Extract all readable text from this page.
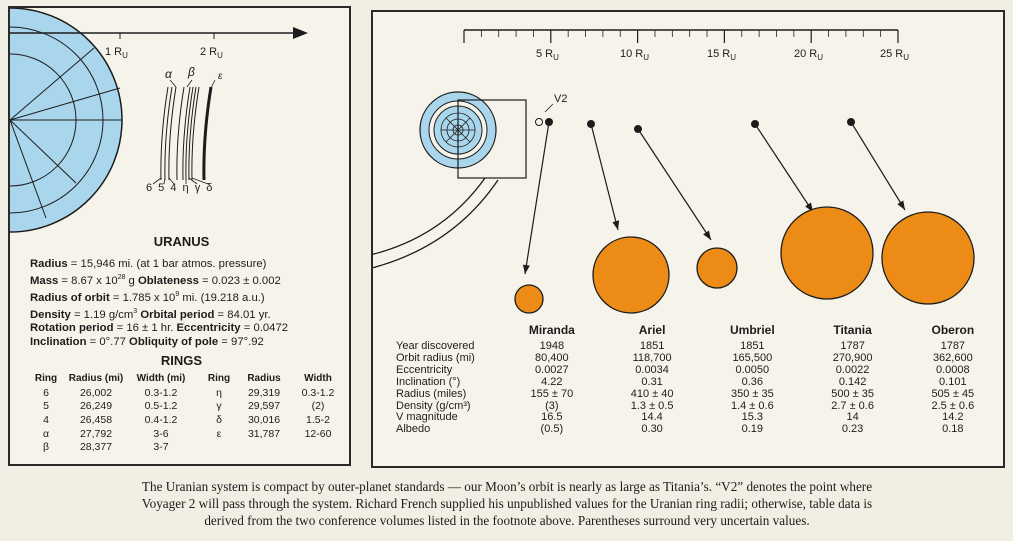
1 $R_U$	2 $R_U$
α β ε
6 5 4 η γ δ
URANUS
Radius = 15,946 mi. (at 1 bar atmos. pressure)
Mass = 8.67 x $10^{28}$ g Oblateness = 0.023 ± 0.002
Radius of orbit = 1.785 x $10^9$ mi. (19.218 a.u.)
Density = 1.19 $g/cm^3$ Orbital period = 84.01 yr.
Rotation period = 16 ± 1 hr. Eccentricity = 0.0472
Inclination = 0°.77 Obliquity of pole = 97°.92
RINGS
Ring	Radius (mi)	Width (mi)
6	26,002	0.3-1.2
5	26,249	0.5-1.2
4	26,458	0.4-1.2
α	27,792	3-6
β	28,377	3-7
Ring	Radius	Width
η	29,319	0.3-1.2
γ	29,597	(2)
δ	30,016	1.5-2
ε	31,787	12-60
5 $R_U$	10 $R_U$	15 $R_U$	20 $R_U$	25 $R_U$
V2
	Miranda	Ariel	Umbriel	Titania	Oberon
Year discovered	1948	1851	1851	1787	1787
Orbit radius (mi)	80,400	118,700	165,500	270,900	362,600
Eccentricity	0.0027	0.0034	0.0050	0.0022	0.0008
Inclination (°)	4.22	0.31	0.36	0.142	0.101
Radius (miles)	155 ± 70	410 ± 40	350 ± 35	500 ± 35	505 ± 45
Density (g/cm³)	(3)	1.3 ± 0.5	1.4 ± 0.6	2.7 ± 0.6	2.5 ± 0.6
V magnitude	16.5	14.4	15.3	14	14.2
Albedo	(0.5)	0.30	0.19	0.23	0.18
The Uranian system is compact by outer-planet standards — our Moon’s orbit is nearly as large as Titania’s. “V2” denotes the point where
Voyager 2 will pass through the system. Richard French supplied his unpublished values for the Uranian ring radii; otherwise, table data is
derived from the two conference volumes listed in the footnote above. Parentheses surround very uncertain values.
